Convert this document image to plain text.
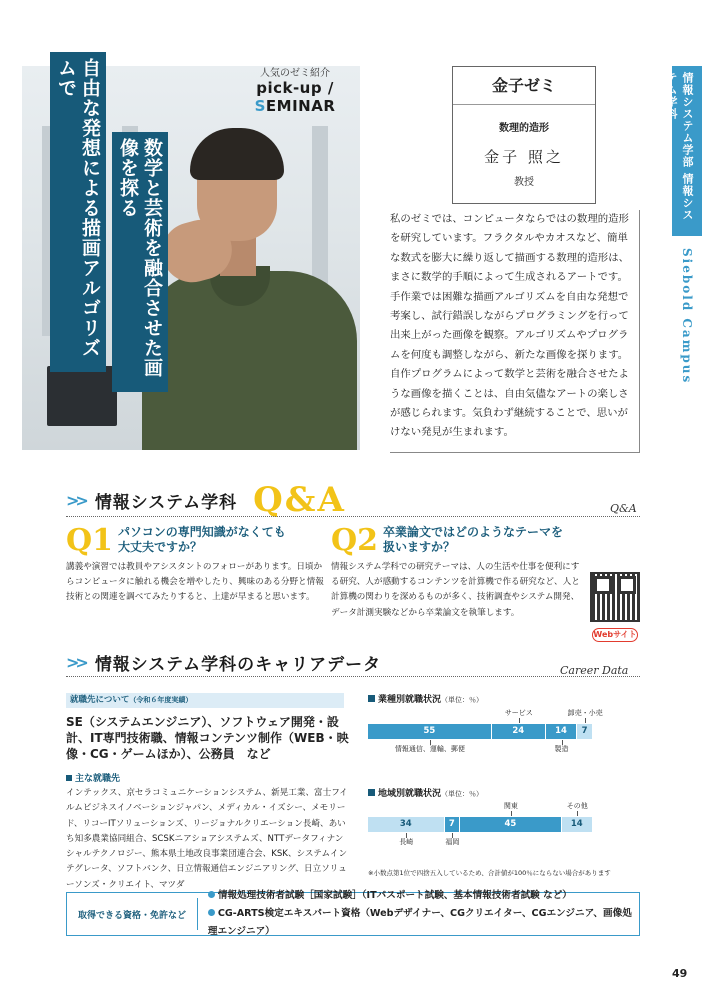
自由な発想による描画アルゴリズムで
数学と芸術を融合させた画像を探る
人気のゼミ紹介
pick-up / SEMINAR
金子ゼミ
数理的造形
金子 照之
教授

私のゼミでは、コンピュータならではの数理的造形を研究しています。フラクタルやカオスなど、簡単な数式を膨大に繰り返して描画する数理的造形は、まさに数学的手順によって生成されるアートです。手作業では困難な描画アルゴリズムを自由な発想で考案し、試行錯誤しながらプログラミングを行って出来上がった画像を観察。アルゴリズムやプログラムを何度も調整しながら、新たな画像を探ります。自作プログラムによって数学と芸術を融合させたような画像を描くことは、自由気儘なアートの楽しさが感じられます。気負わず継続することで、思いがけない発見が生まれます。

情報システム学部 情報システム学科
Siebold Campus
>> 情報システム学科 Q&A	Q&A
Q1 パソコンの専門知識がなくても
大丈夫ですか？
講義や演習では教員やアシスタントのフォローがあります。日頃からコンピュータに触れる機会を増やしたり、興味のある分野と情報技術との関連を調べてみたりすると、上達が早まると思います。
Q2 卒業論文ではどのようなテーマを
扱いますか？
情報システム学科での研究テーマは、人の生活や仕事を便利にする研究、人が感動するコンテンツを計算機で作る研究など、人と計算機の関わりを深めるものが多く、技術調査やシステム開発、データ計測実験などから卒業論文を執筆します。
Webサイト
>> 情報システム学科のキャリアデータ	Career Data
就職先について（令和６年度実績）
SE（システムエンジニア）、ソフトウェア開発・設計、IT専門技術職、情報コンテンツ制作（WEB・映像・CG・ゲームほか）、公務員　など
主な就職先
インテックス、京セラコミュニケーションシステム、新晃工業、富士フイルムビジネスイノベーションジャパン、メディカル・イズシー、メモリード、リコーITソリューションズ、リージョナルクリエーション長崎、あいち知多農業協同組合、SCSKニアショアシステムズ、NTTデータフィナンシャルテクノロジー、熊本県土地改良事業団連合会、KSK、システムインテグレータ、ソフトバンク、日立情報通信エンジニアリング、日立ソリューソンズ・クリエイト、マツダ
業種別就職状況（単位：％）
55	24	14	7
情報通信、運輸、郵便
サービス
製造
卸売・小売
地域別就職状況（単位：％）
34	7	45	14
長崎	福岡
関東	その他
※小数点第1位で四捨五入しているため、合計値が100％にならない場合があります
取得できる資格・免許など
情報処理技術者試験［国家試験］（ITパスポート試験、基本情報技術者試験 など）
CG-ARTS検定エキスパート資格（Webデザイナー、CGクリエイター、CGエンジニア、画像処理エンジニア）
49
